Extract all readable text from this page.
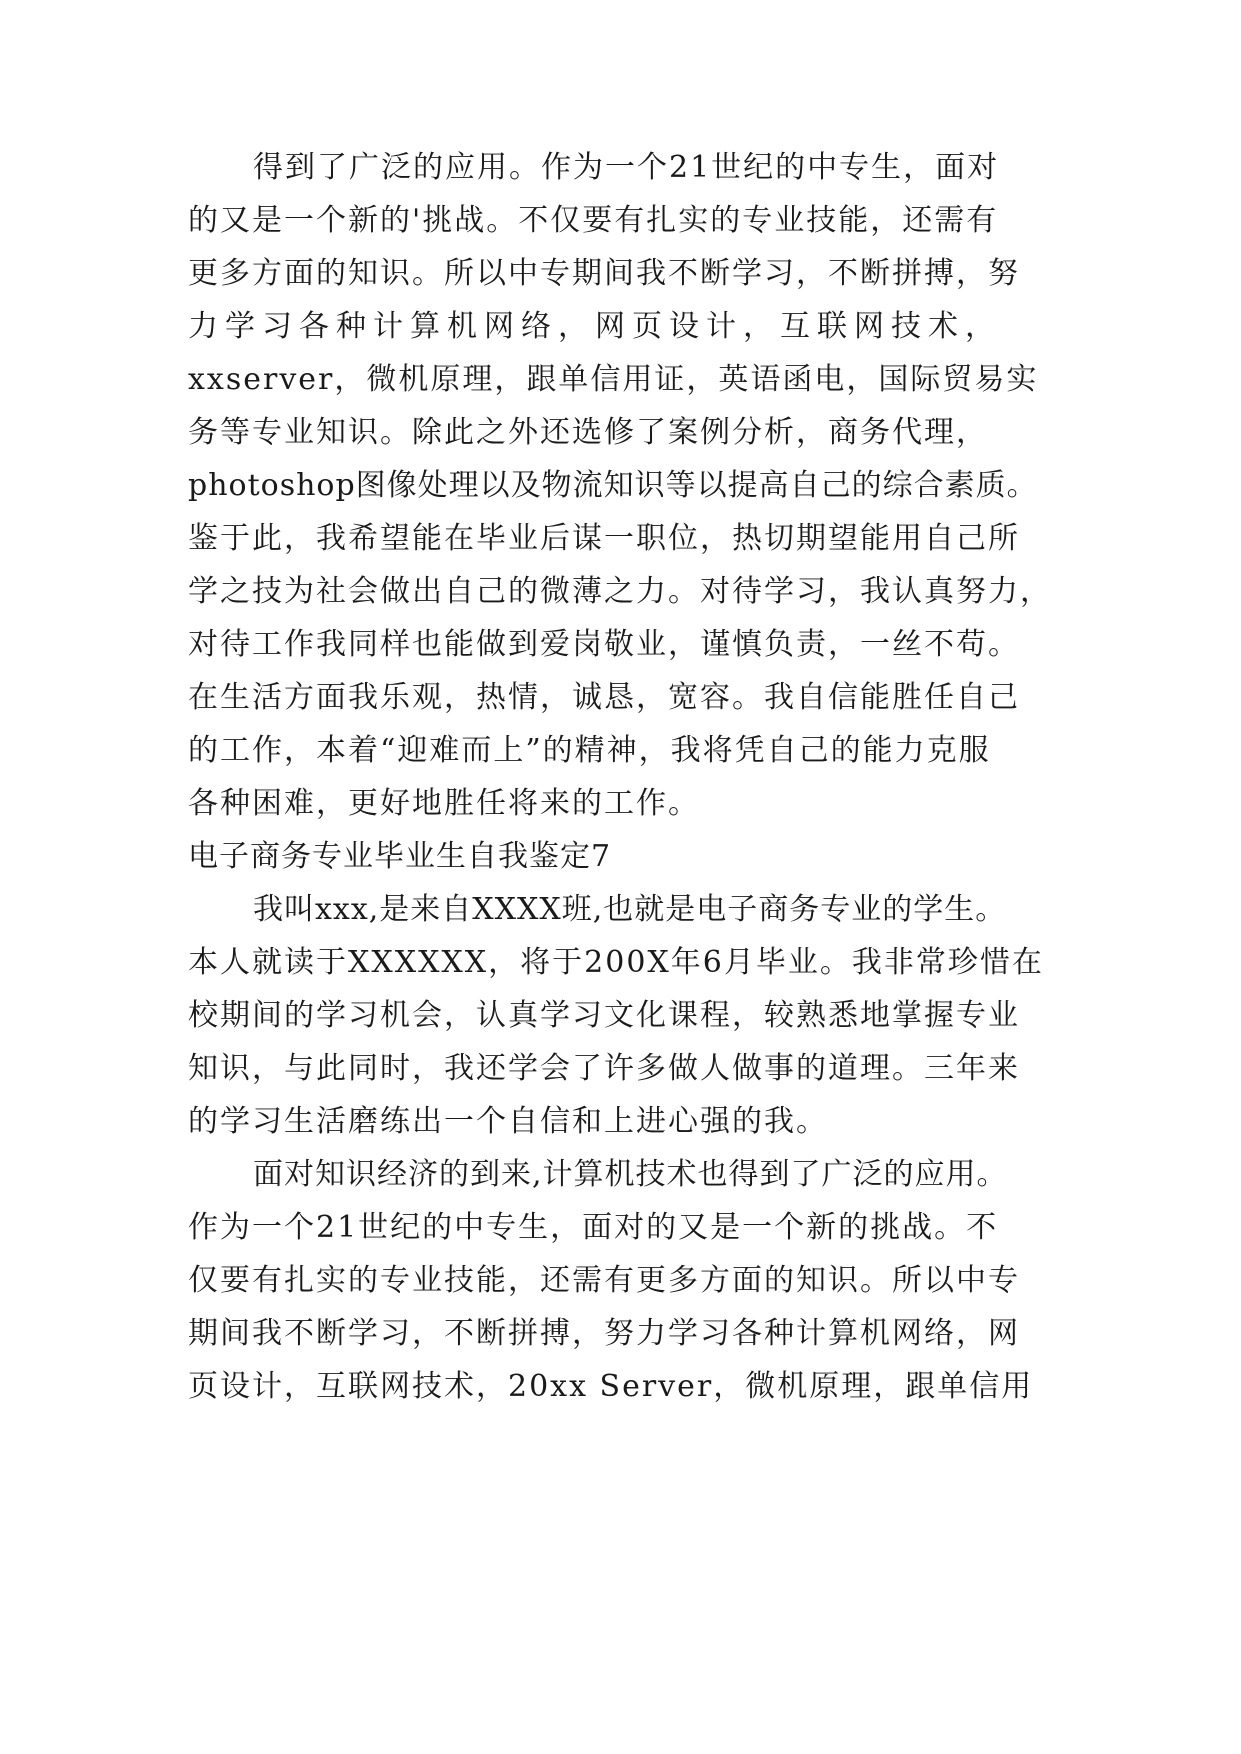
得到了广泛的应用。作为一个21世纪的中专生，面对
的又是一个新的'挑战。不仅要有扎实的专业技能，还需有
更多方面的知识。所以中专期间我不断学习，不断拼搏，努
力学习各种计算机网络，网页设计，互联网技术，
xxserver，微机原理，跟单信用证，英语函电，国际贸易实
务等专业知识。除此之外还选修了案例分析，商务代理，
photoshop图像处理以及物流知识等以提高自己的综合素质。
鉴于此，我希望能在毕业后谋一职位，热切期望能用自己所
学之技为社会做出自己的微薄之力。对待学习，我认真努力，
对待工作我同样也能做到爱岗敬业，谨慎负责，一丝不苟。
在生活方面我乐观，热情，诚恳，宽容。我自信能胜任自己
的工作，本着“迎难而上”的精神，我将凭自己的能力克服
各种困难，更好地胜任将来的工作。
电子商务专业毕业生自我鉴定7
我叫xxx,是来自XXXX班,也就是电子商务专业的学生。
本人就读于XXXXXX，将于200X年6月毕业。我非常珍惜在
校期间的学习机会，认真学习文化课程，较熟悉地掌握专业
知识，与此同时，我还学会了许多做人做事的道理。三年来
的学习生活磨练出一个自信和上进心强的我。
面对知识经济的到来,计算机技术也得到了广泛的应用。
作为一个21世纪的中专生，面对的又是一个新的挑战。不
仅要有扎实的专业技能，还需有更多方面的知识。所以中专
期间我不断学习，不断拼搏，努力学习各种计算机网络，网
页设计，互联网技术，20xx Server，微机原理，跟单信用
